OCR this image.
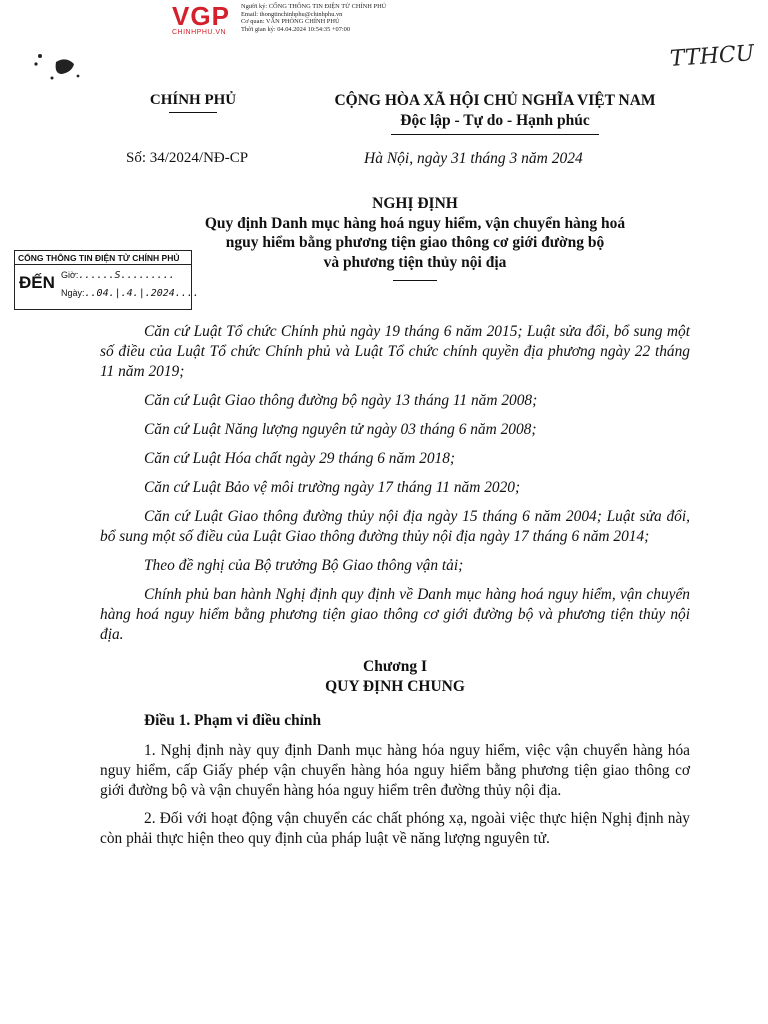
VGP
CHINHPHU.VN
Người ký: CỔNG THÔNG TIN ĐIỆN TỬ CHÍNH PHỦ
Email: thongtinchinhphu@chinhphu.vn
Cơ quan: VĂN PHÒNG CHÍNH PHỦ
Thời gian ký: 04.04.2024 10:54:35 +07:00
TTHCU
CHÍNH PHỦ	CỘNG HÒA XÃ HỘI CHỦ NGHĨA VIỆT NAM
Độc lập - Tự do - Hạnh phúc
Số: 34/2024/NĐ-CP	Hà Nội, ngày 31 tháng 3 năm 2024
NGHỊ ĐỊNH
Quy định Danh mục hàng hoá nguy hiểm, vận chuyển hàng hoá
nguy hiểm bằng phương tiện giao thông cơ giới đường bộ
và phương tiện thủy nội địa
CỔNG THÔNG TIN ĐIỆN TỬ CHÍNH PHỦ
ĐẾN Giờ:......S.........
Ngày:..04.|.4.|.2024....

Căn cứ Luật Tổ chức Chính phủ ngày 19 tháng 6 năm 2015; Luật sửa đổi, bổ sung một số điều của Luật Tổ chức Chính phủ và Luật Tổ chức chính quyền địa phương ngày 22 tháng 11 năm 2019;

Căn cứ Luật Giao thông đường bộ ngày 13 tháng 11 năm 2008;

Căn cứ Luật Năng lượng nguyên tử ngày 03 tháng 6 năm 2008;

Căn cứ Luật Hóa chất ngày 29 tháng 6 năm 2018;

Căn cứ Luật Bảo vệ môi trường ngày 17 tháng 11 năm 2020;

Căn cứ Luật Giao thông đường thủy nội địa ngày 15 tháng 6 năm 2004; Luật sửa đổi, bổ sung một số điều của Luật Giao thông đường thủy nội địa ngày 17 tháng 6 năm 2014;

Theo đề nghị của Bộ trưởng Bộ Giao thông vận tải;

Chính phủ ban hành Nghị định quy định về Danh mục hàng hoá nguy hiểm, vận chuyển hàng hoá nguy hiểm bằng phương tiện giao thông cơ giới đường bộ và phương tiện thủy nội địa.

Chương I
QUY ĐỊNH CHUNG
Điều 1. Phạm vi điều chỉnh

1. Nghị định này quy định Danh mục hàng hóa nguy hiểm, việc vận chuyển hàng hóa nguy hiểm, cấp Giấy phép vận chuyển hàng hóa nguy hiểm bằng phương tiện giao thông cơ giới đường bộ và vận chuyển hàng hóa nguy hiểm trên đường thủy nội địa.

2. Đối với hoạt động vận chuyển các chất phóng xạ, ngoài việc thực hiện Nghị định này còn phải thực hiện theo quy định của pháp luật về năng lượng nguyên tử.
